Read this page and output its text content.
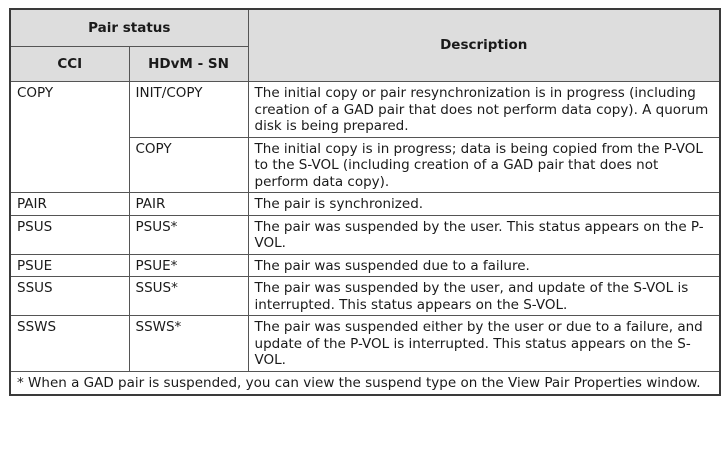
Pair status		Description
CCI	HDvM - SN	
COPY	INIT/COPY	The initial copy or pair resynchronization is in progress (including creation of a GAD pair that does not perform data copy). A quorum disk is being prepared.
	COPY	The initial copy is in progress; data is being copied from the P-VOL to the S-VOL (including creation of a GAD pair that does not perform data copy).
PAIR	PAIR	The pair is synchronized.
PSUS	PSUS*	The pair was suspended by the user. This status appears on the P-VOL.
PSUE	PSUE*	The pair was suspended due to a failure.
SSUS	SSUS*	The pair was suspended by the user, and update of the S-VOL is interrupted. This status appears on the S-VOL.
SSWS	SSWS*	The pair was suspended either by the user or due to a failure, and update of the P-VOL is interrupted. This status appears on the S-VOL.
* When a GAD pair is suspended, you can view the suspend type on the View Pair Properties window.		
